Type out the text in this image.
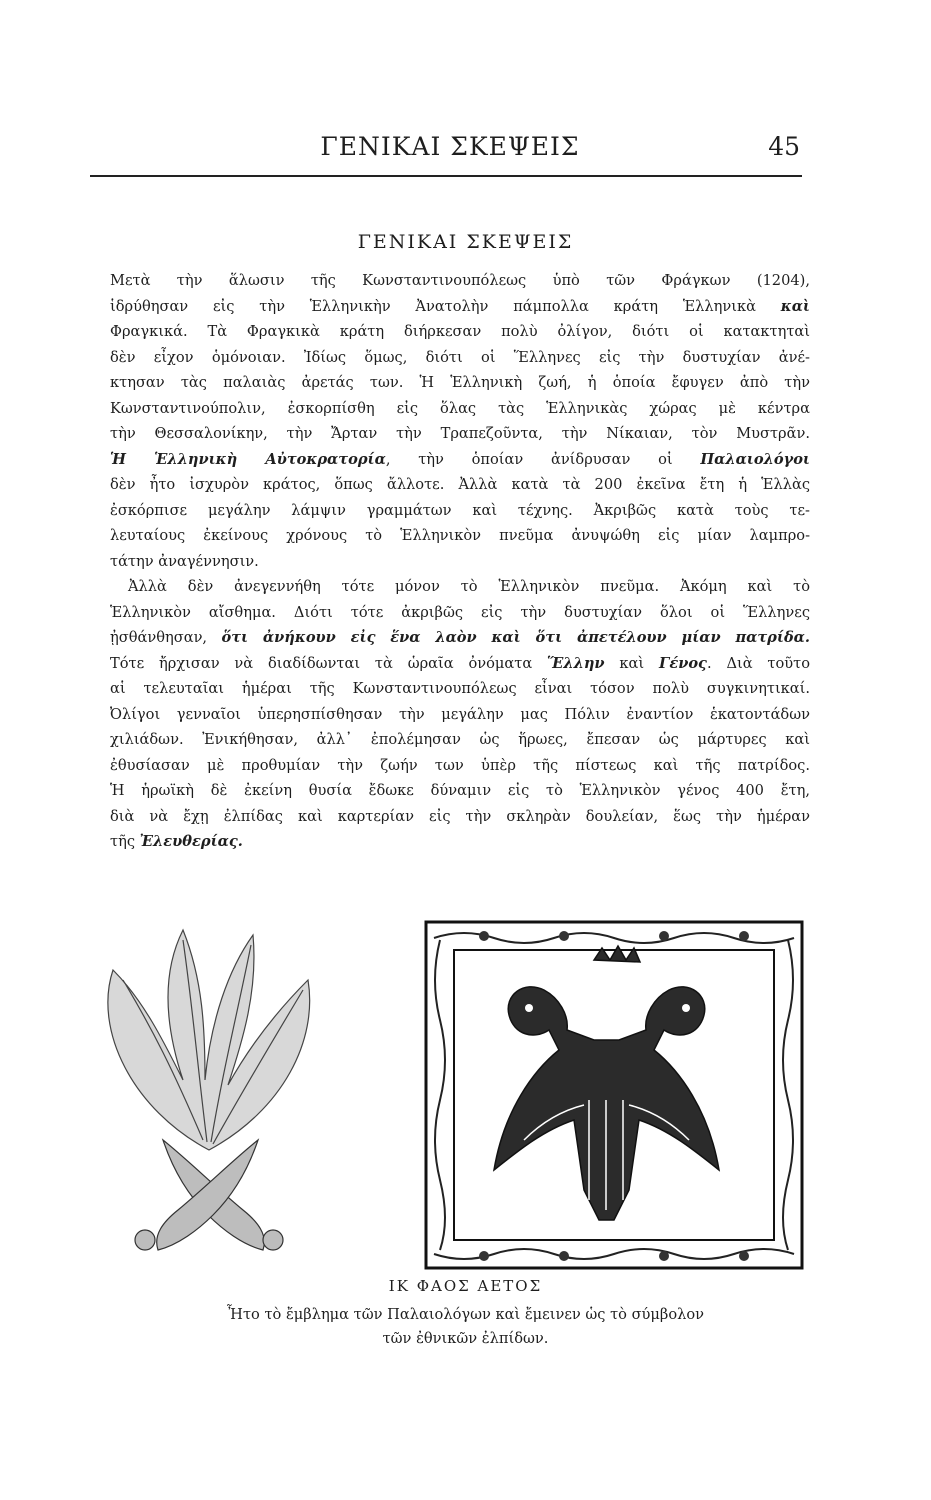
ΓΕΝΙΚΑΙ ΣΚΕΨΕΙΣ	45
ΓΕΝΙΚΑΙ ΣΚΕΨΕΙΣ
Μετὰ τὴν ἅλωσιν τῆς Κωνσταντινουπόλεως ὑπὸ τῶν Φράγκων (1204),
ἱδρύθησαν εἰς τὴν Ἑλληνικὴν Ἀνατολὴν πάμπολλα κράτη Ἑλληνικὰ καὶ
Φραγκικά. Τὰ Φραγκικὰ κράτη διήρκεσαν πολὺ ὀλίγον, διότι οἱ κατακτηταὶ
δὲν εἶχον ὁμόνοιαν. Ἰδίως ὅμως, διότι οἱ Ἕλληνες εἰς τὴν δυστυχίαν ἀνέ-
κτησαν τὰς παλαιὰς ἀρετάς των. Ἡ Ἑλληνικὴ ζωή, ἡ ὁποία ἔφυγεν ἀπὸ τὴν
Κωνσταντινούπολιν, ἐσκορπίσθη εἰς ὅλας τὰς Ἑλληνικὰς χώρας μὲ κέντρα
τὴν Θεσσαλονίκην, τὴν Ἄρταν τὴν Τραπεζοῦντα, τὴν Νίκαιαν, τὸν Μυστρᾶν.
Ἡ Ἑλληνικὴ Αὐτοκρατορία, τὴν ὁποίαν ἀνίδρυσαν οἱ Παλαιολόγοι
δὲν ἦτο ἰσχυρὸν κράτος, ὅπως ἄλλοτε. Ἀλλὰ κατὰ τὰ 200 ἐκεῖνα ἔτη ἡ Ἑλλὰς
ἐσκόρπισε μεγάλην λάμψιν γραμμάτων καὶ τέχνης. Ἀκριβῶς κατὰ τοὺς τε-
λευταίους ἐκείνους χρόνους τὸ Ἑλληνικὸν πνεῦμα ἀνυψώθη εἰς μίαν λαμπρο-
τάτην ἀναγέννησιν.
Ἀλλὰ δὲν ἀνεγεννήθη τότε μόνον τὸ Ἑλληνικὸν πνεῦμα. Ἀκόμη καὶ τὸ
Ἑλληνικὸν αἴσθημα. Διότι τότε ἀκριβῶς εἰς τὴν δυστυχίαν ὅλοι οἱ Ἕλληνες
ᾐσθάνθησαν, ὅτι ἀνήκουν εἰς ἕνα λαὸν καὶ ὅτι ἀπετέλουν μίαν πατρίδα.
Τότε ἤρχισαν νὰ διαδίδωνται τὰ ὡραῖα ὀνόματα Ἕλλην καὶ Γένος. Διὰ τοῦτο
αἱ τελευταῖαι ἡμέραι τῆς Κωνσταντινουπόλεως εἶναι τόσον πολὺ συγκινητικαί.
Ὀλίγοι γενναῖοι ὑπερησπίσθησαν τὴν μεγάλην μας Πόλιν ἐναντίον ἑκατοντάδων
χιλιάδων. Ἐνικήθησαν, ἀλλ᾿ ἐπολέμησαν ὡς ἥρωες, ἔπεσαν ὡς μάρτυρες καὶ
ἐθυσίασαν μὲ προθυμίαν τὴν ζωήν των ὑπὲρ τῆς πίστεως καὶ τῆς πατρίδος.
Ἡ ἡρωϊκὴ δὲ ἐκείνη θυσία ἔδωκε δύναμιν εἰς τὸ Ἑλληνικὸν γένος 400 ἔτη,
διὰ νὰ ἔχῃ ἐλπίδας καὶ καρτερίαν εἰς τὴν σκληρὰν δουλείαν, ἕως τὴν ἡμέραν
τῆς Ἐλευθερίας.
ΙΚ ΦΑΟΣ ΑΕΤΟΣ
Ἦτο τὸ ἔμβλημα τῶν Παλαιολόγων καὶ ἔμεινεν ὡς τὸ σύμβολον
τῶν ἐθνικῶν ἐλπίδων.
